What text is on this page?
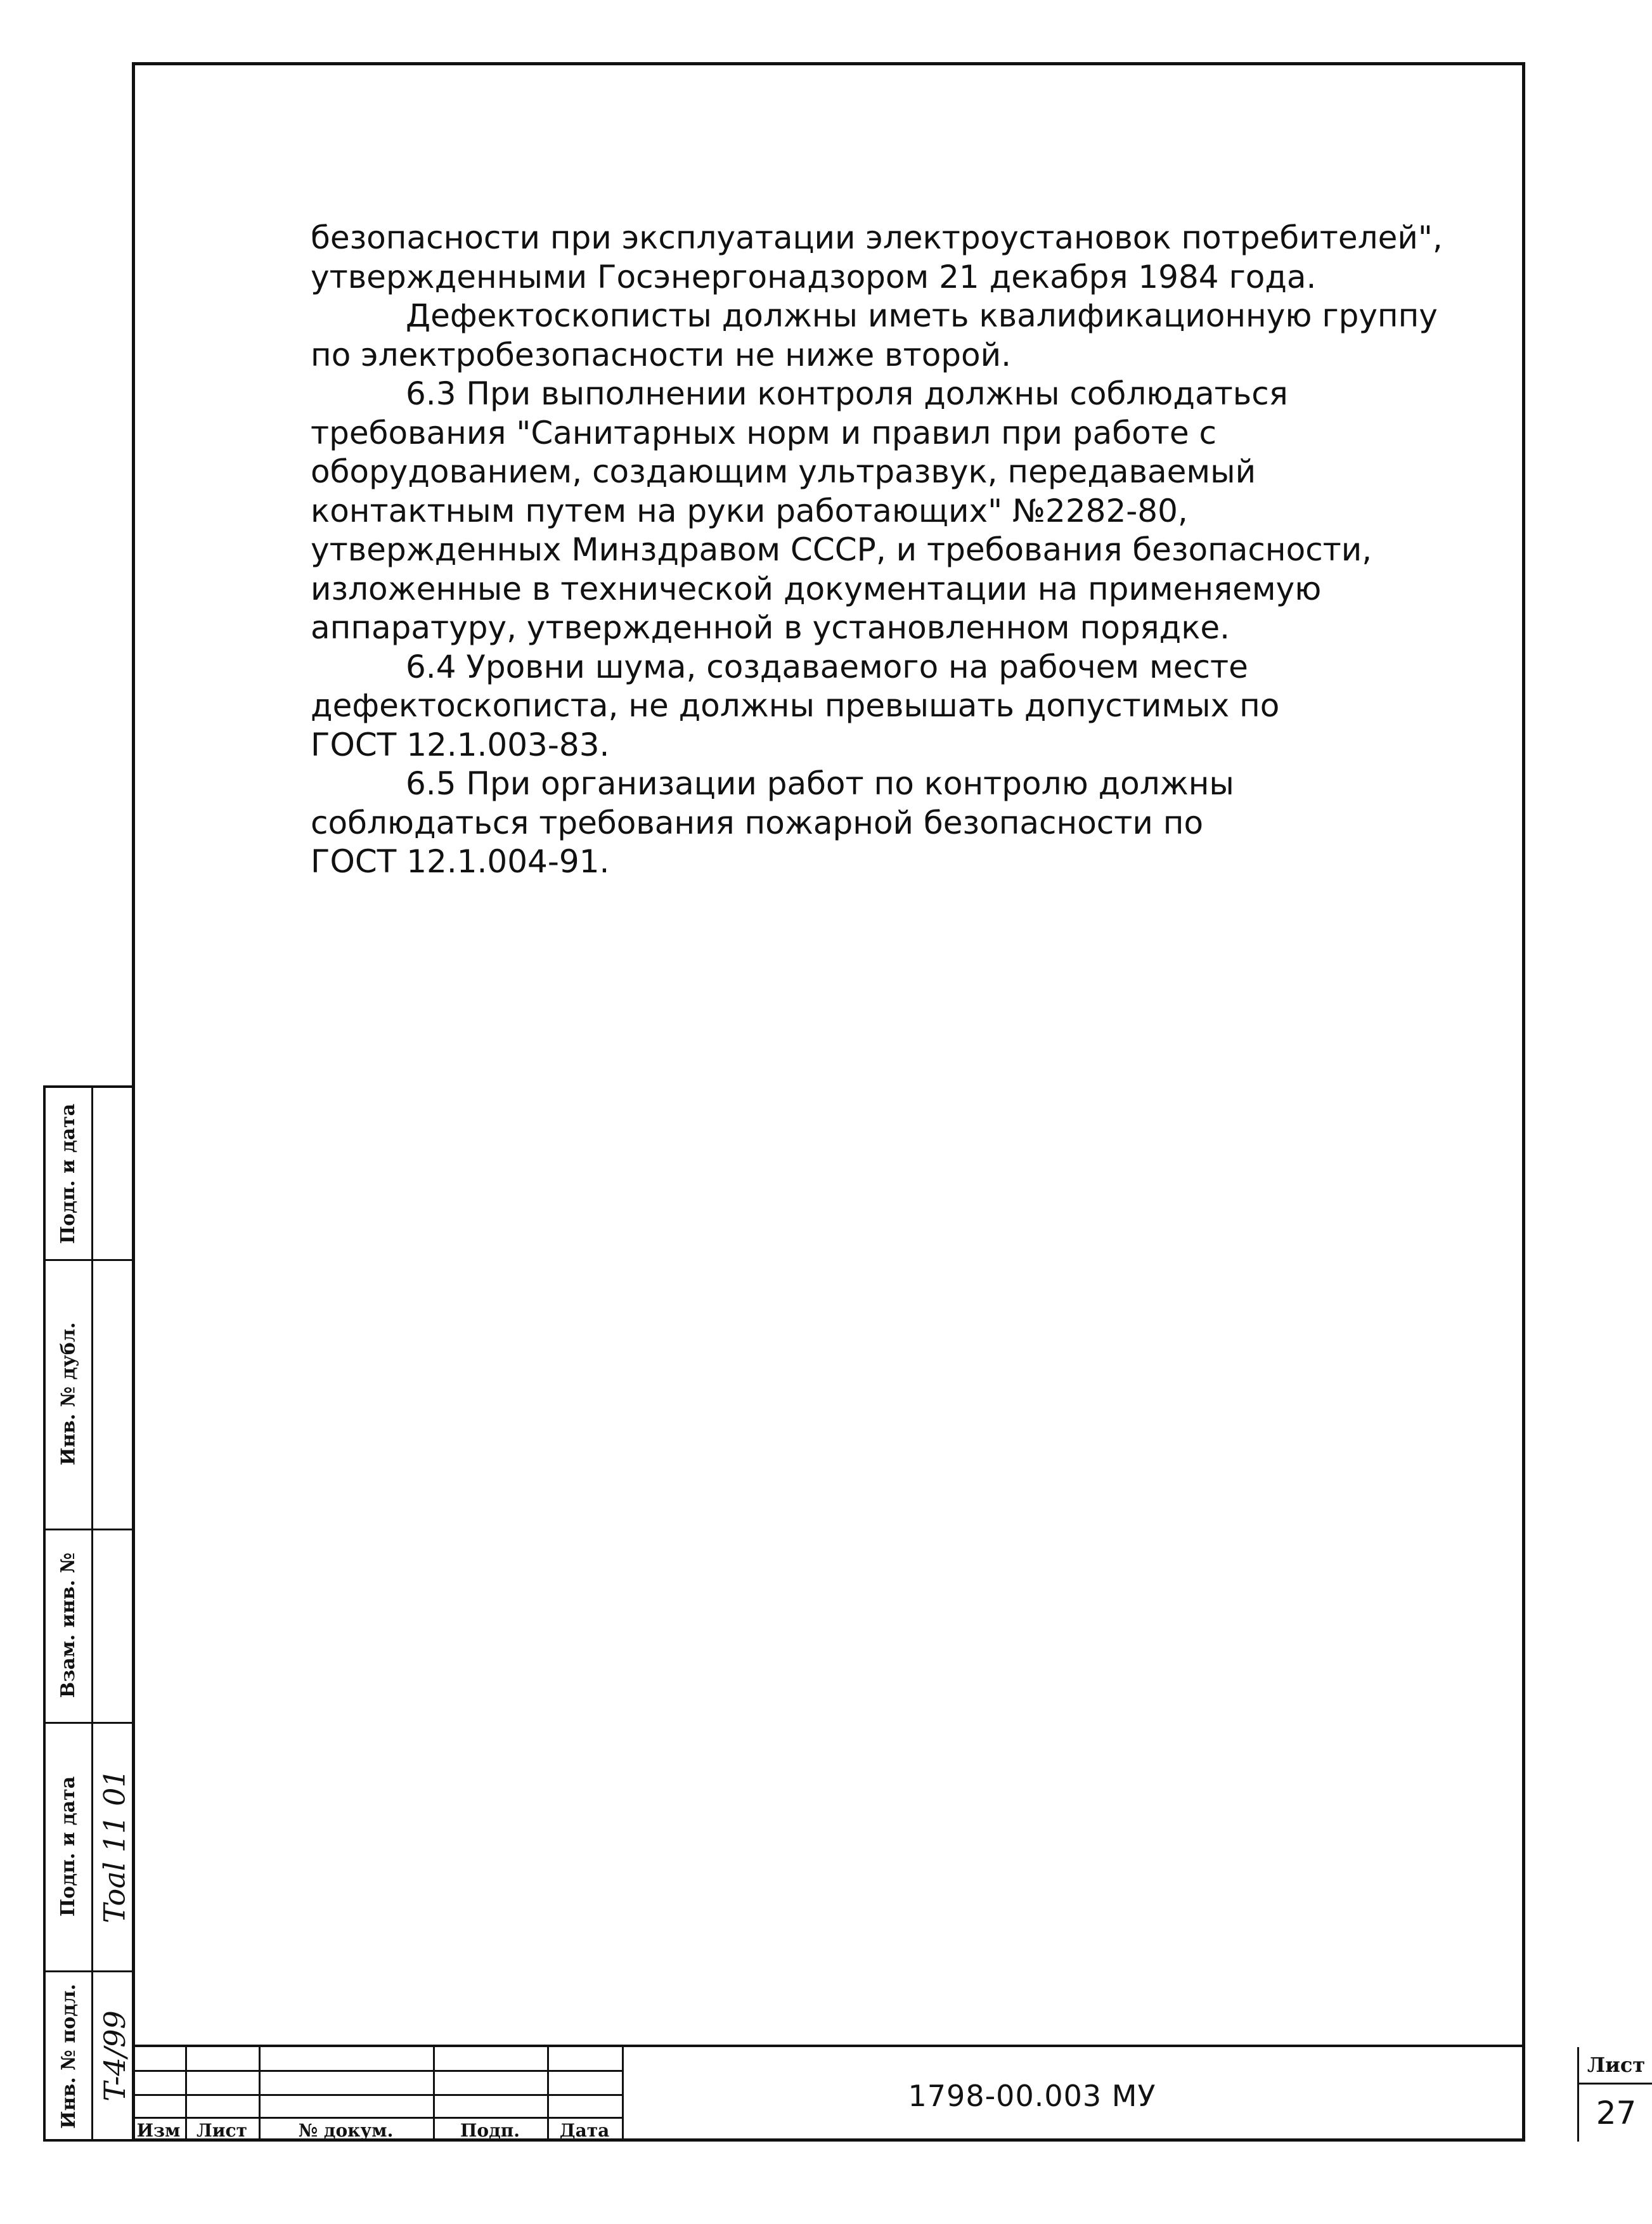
безопасности при эксплуатации электроустановок потребителей",
утвержденными Госэнергонадзором 21 декабря 1984 года.

Дефектоскописты должны иметь квалификационную группу

по электробезопасности не ниже второй.

6.3 При выполнении контроля должны соблюдаться

требования "Санитарных норм и правил при работе с
оборудованием, создающим ультразвук, передаваемый
контактным путем на руки работающих" №2282-80,
утвержденных Минздравом СССР, и требования безопасности,
изложенные в технической документации на применяемую
аппаратуру, утвержденной в установленном порядке.

6.4 Уровни шума, создаваемого на рабочем месте

дефектоскописта, не должны превышать допустимых по
ГОСТ 12.1.003-83.

6.5 При организации работ по контролю должны

соблюдаться требования пожарной безопасности по
ГОСТ 12.1.004-91.

Подп. и дата
Инв. № дубл.
Взам. инв. №
Подп. и дата
Инв. № подл.
Toal 11 01
T-4/99
Изм Лист	№ докум.	Подп.	Дата
1798-00.003 МУ
Лист
27
